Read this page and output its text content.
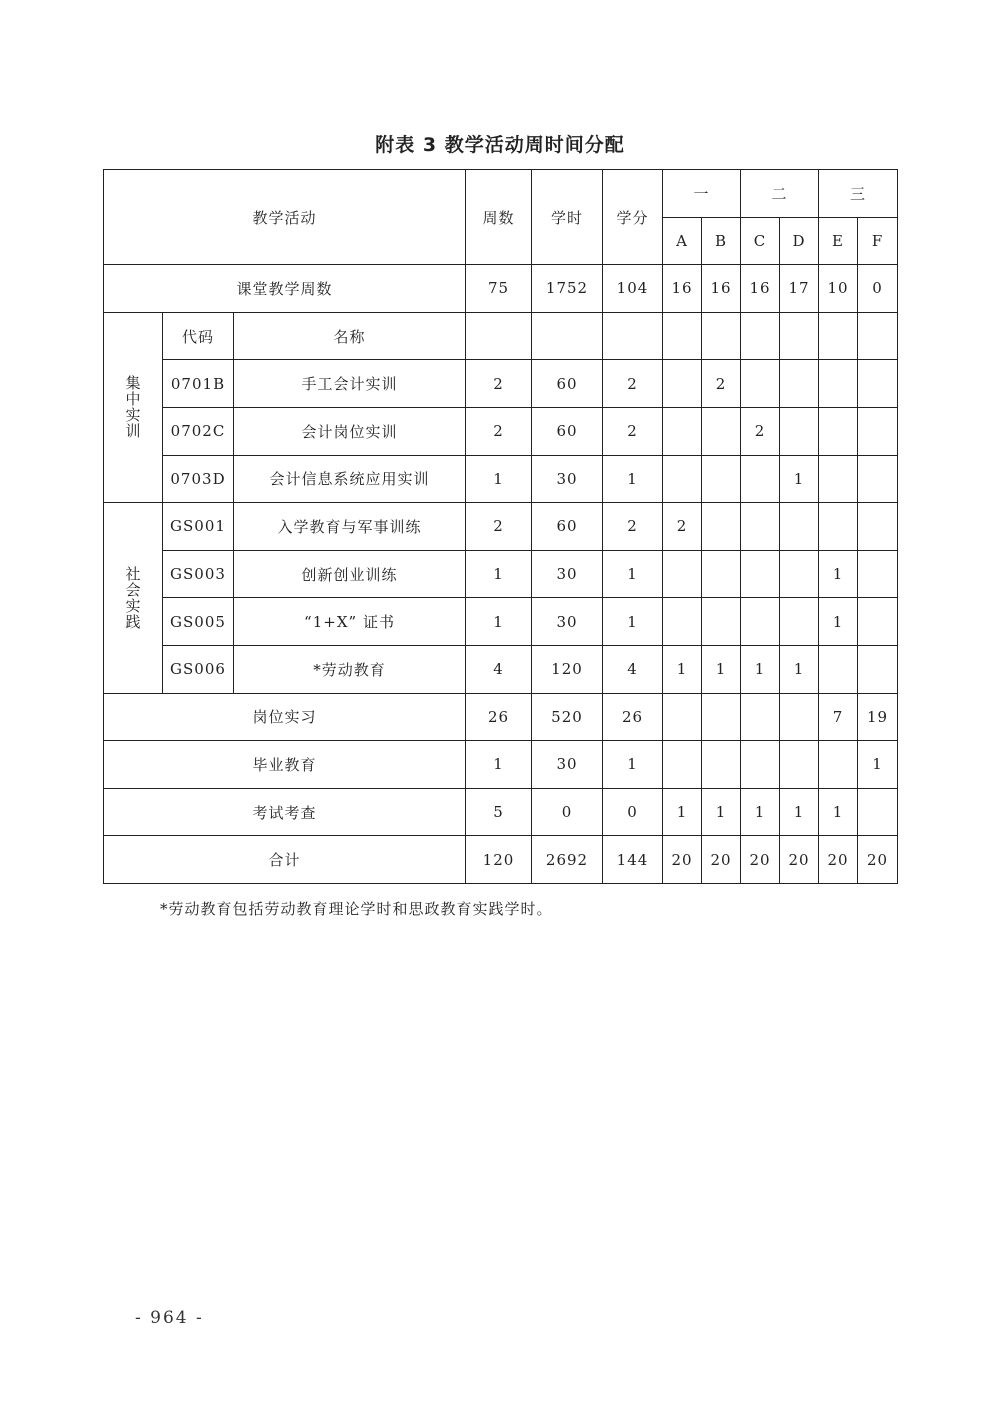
附表 3 教学活动周时间分配
教学活动			周数	学时	学分	一		二		三	
						A	B	C	D	E	F
课堂教学周数			75	1752	104	16	16	16	17	10	0
集中实训	代码	名称									
	0701B	手工会计实训	2	60	2		2				
	0702C	会计岗位实训	2	60	2			2			
	0703D	会计信息系统应用实训	1	30	1				1		
社会实践	GS001	入学教育与军事训练	2	60	2	2					
	GS003	创新创业训练	1	30	1					1	
	GS005	“1+X” 证书	1	30	1					1	
	GS006	*劳动教育	4	120	4	1	1	1	1		
岗位实习			26	520	26					7	19
毕业教育			1	30	1						1
考试考查			5	0	0	1	1	1	1	1	
合计			120	2692	144	20	20	20	20	20	20
*劳动教育包括劳动教育理论学时和思政教育实践学时。
- 964 -
